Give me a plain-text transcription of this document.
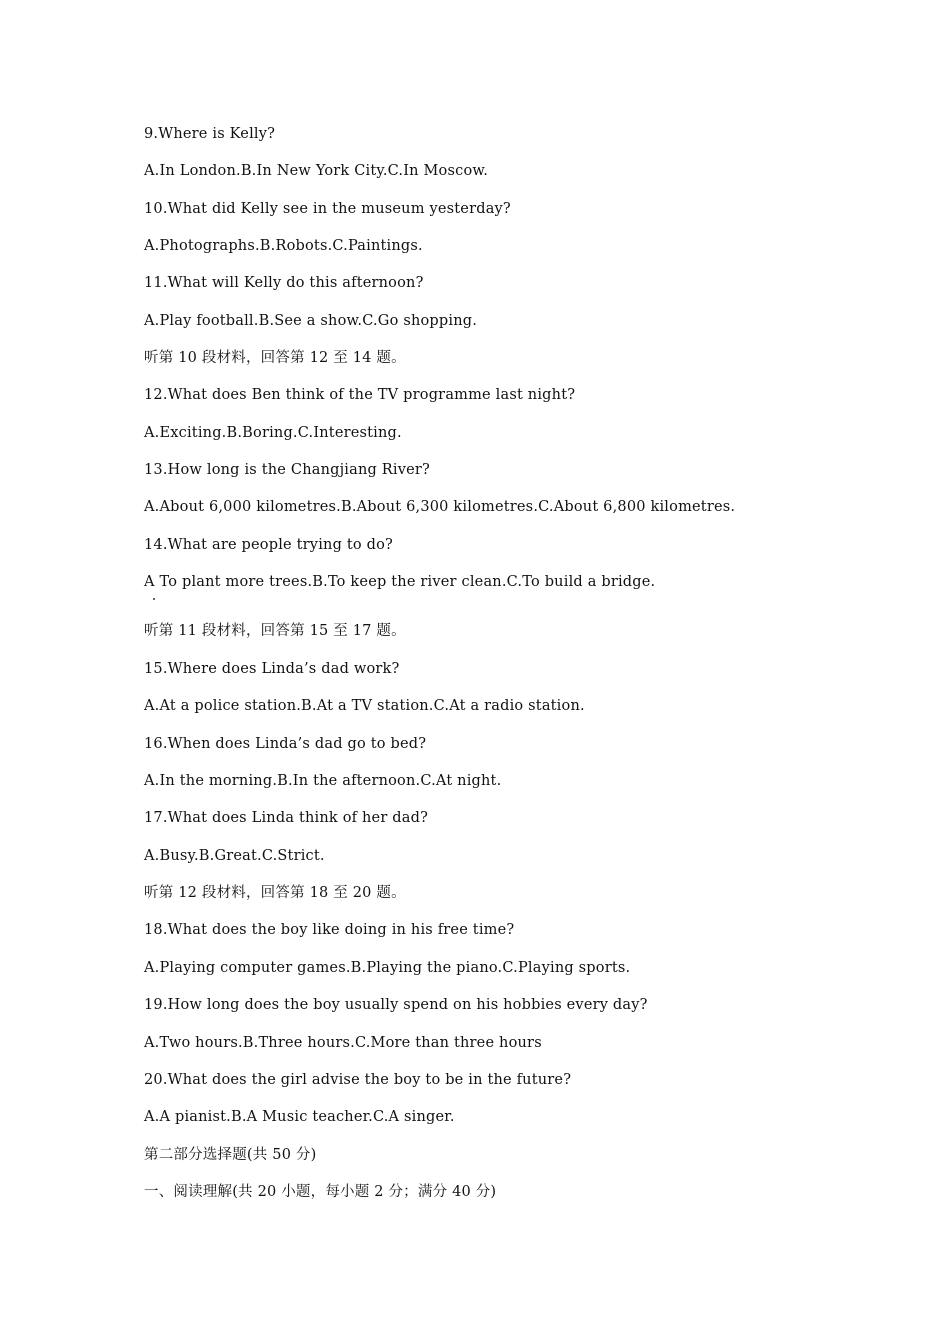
9.Where is Kelly?
A.In London.B.In New York City.C.In Moscow.
10.What did Kelly see in the museum yesterday?
A.Photographs.B.Robots.C.Paintings.
11.What will Kelly do this afternoon?
A.Play football.B.See a show.C.Go shopping.
听第 10 段材料，回答第 12 至 14 题。
12.What does Ben think of the TV programme last night?
A.Exciting.B.Boring.C.Interesting.
13.How long is the Changjiang River?
A.About 6,000 kilometres.B.About 6,300 kilometres.C.About 6,800 kilometres.
14.What are people trying to do?
A To plant more trees.B.To keep the river clean.C.To build a bridge.
听第 11 段材料，回答第 15 至 17 题。
15.Where does Linda’s dad work?
A.At a police station.B.At a TV station.C.At a radio station.
16.When does Linda’s dad go to bed?
A.In the morning.B.In the afternoon.C.At night.
17.What does Linda think of her dad?
A.Busy.B.Great.C.Strict.
听第 12 段材料，回答第 18 至 20 题。
18.What does the boy like doing in his free time?
A.Playing computer games.B.Playing the piano.C.Playing sports.
19.How long does the boy usually spend on his hobbies every day?
A.Two hours.B.Three hours.C.More than three hours
20.What does the girl advise the boy to be in the future?
A.A pianist.B.A Music teacher.C.A singer.
第二部分选择题(共 50 分)
一、阅读理解(共 20 小题，每小题 2 分；满分 40 分)
